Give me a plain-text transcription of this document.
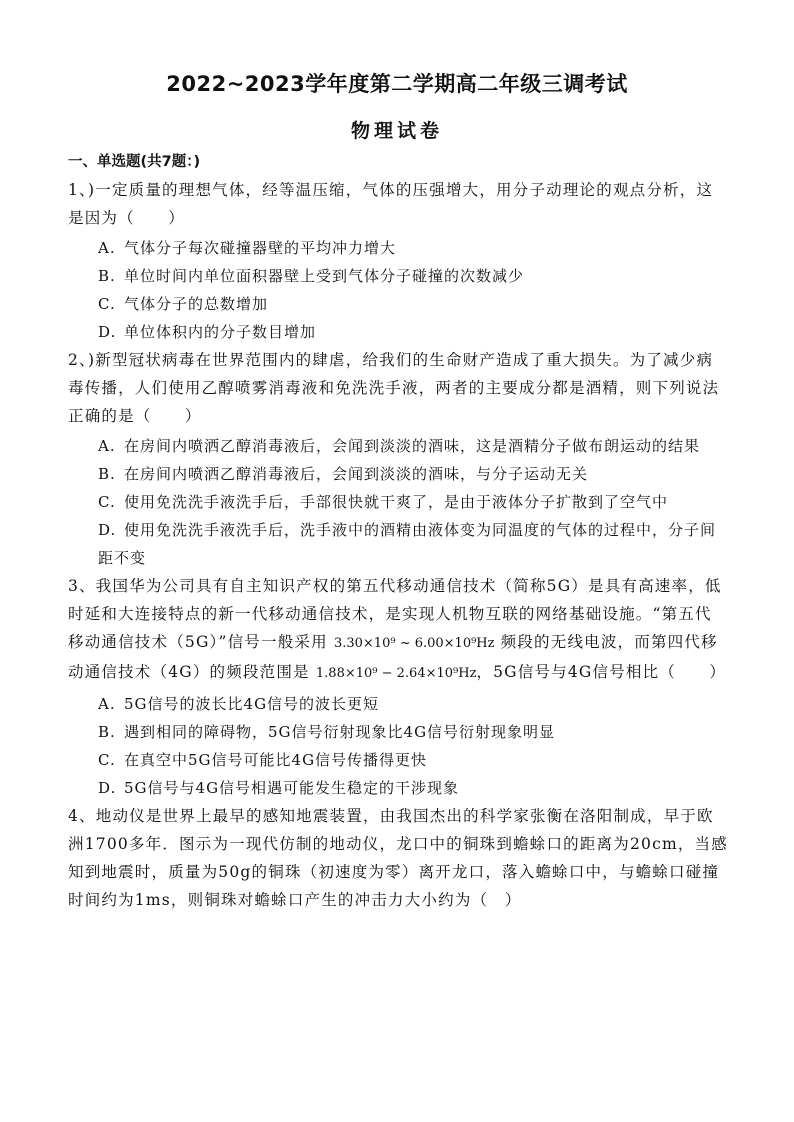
2022~2023学年度第二学期高二年级三调考试
物理试卷
一、单选题(共7题：)
1、)一定质量的理想气体，经等温压缩，气体的压强增大，用分子动理论的观点分析，这是因为（　　）
A. 气体分子每次碰撞器壁的平均冲力增大
B. 单位时间内单位面积器壁上受到气体分子碰撞的次数减少
C. 气体分子的总数增加
D. 单位体积内的分子数目增加
2、)新型冠状病毒在世界范围内的肆虐，给我们的生命财产造成了重大损失。为了减少病毒传播，人们使用乙醇喷雾消毒液和免洗洗手液，两者的主要成分都是酒精，则下列说法正确的是（　　）
A. 在房间内喷洒乙醇消毒液后，会闻到淡淡的酒味，这是酒精分子做布朗运动的结果
B. 在房间内喷洒乙醇消毒液后，会闻到淡淡的酒味，与分子运动无关
C. 使用免洗洗手液洗手后，手部很快就干爽了，是由于液体分子扩散到了空气中
D. 使用免洗洗手液洗手后，洗手液中的酒精由液体变为同温度的气体的过程中，分子间距不变
3、我国华为公司具有自主知识产权的第五代移动通信技术（简称5G）是具有高速率，低时延和大连接特点的新一代移动通信技术，是实现人机物互联的网络基础设施。“第五代移动通信技术（5G）”信号一般采用 3.30×10⁹ ~ 6.00×10⁹Hz 频段的无线电波，而第四代移动通信技术（4G）的频段范围是 1.88×10⁹ − 2.64×10⁹Hz，5G信号与4G信号相比（　　）
A. 5G信号的波长比4G信号的波长更短
B. 遇到相同的障碍物，5G信号衍射现象比4G信号衍射现象明显
C. 在真空中5G信号可能比4G信号传播得更快
D. 5G信号与4G信号相遇可能发生稳定的干涉现象
4、地动仪是世界上最早的感知地震装置，由我国杰出的科学家张衡在洛阳制成，早于欧洲1700多年．图示为一现代仿制的地动仪，龙口中的铜珠到蟾蜍口的距离为20cm，当感知到地震时，质量为50g的铜珠（初速度为零）离开龙口，落入蟾蜍口中，与蟾蜍口碰撞时间约为1ms，则铜珠对蟾蜍口产生的冲击力大小约为（　）
